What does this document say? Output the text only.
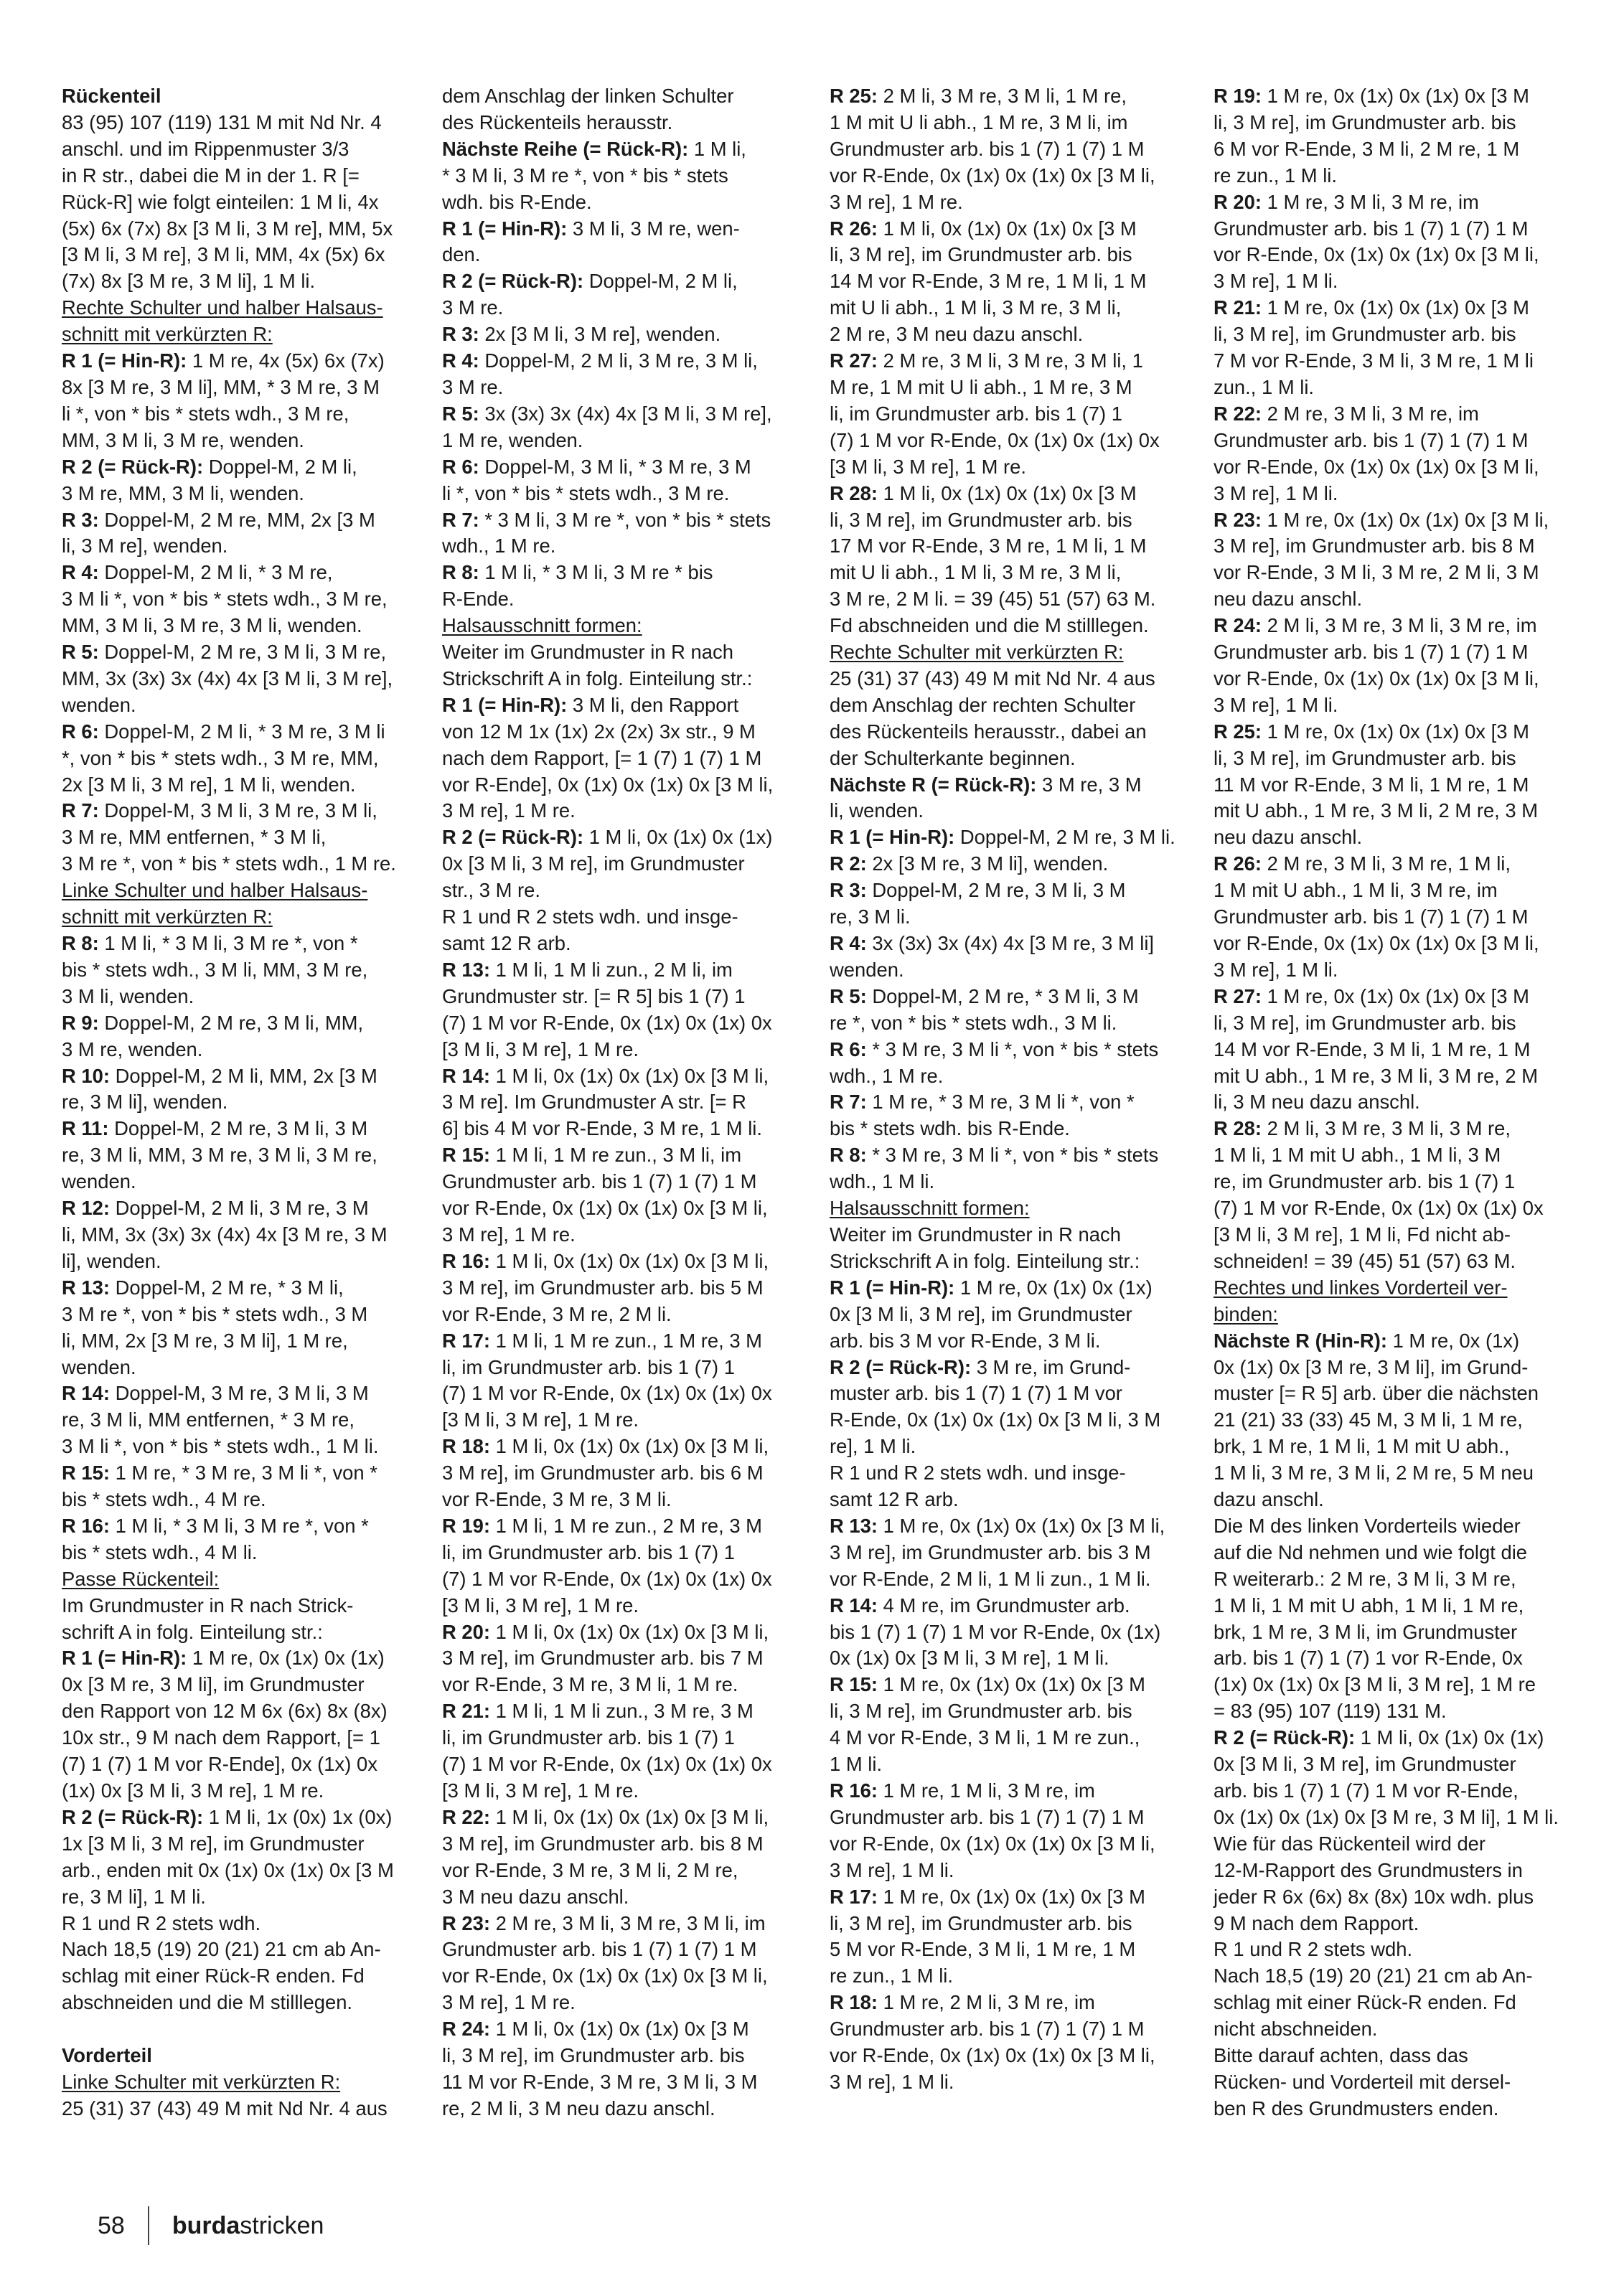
Rückenteil

83 (95) 107 (119) 131 M mit Nd Nr. 4

anschl. und im Rippenmuster 3/3

in R str., dabei die M in der 1. R [=

Rück-R] wie folgt einteilen: 1 M li, 4x

(5x) 6x (7x) 8x [3 M li, 3 M re], MM, 5x

[3 M li, 3 M re], 3 M li, MM, 4x (5x) 6x

(7x) 8x [3 M re, 3 M li], 1 M li.

Rechte Schulter und halber Halsaus-

schnitt mit verkürzten R:

R 1 (= Hin-R): 1 M re, 4x (5x) 6x (7x)

8x [3 M re, 3 M li], MM, * 3 M re, 3 M

li *, von * bis * stets wdh., 3 M re,

MM, 3 M li, 3 M re, wenden.

R 2 (= Rück-R): Doppel-M, 2 M li,

3 M re, MM, 3 M li, wenden.

R 3: Doppel-M, 2 M re, MM, 2x [3 M

li, 3 M re], wenden.

R 4: Doppel-M, 2 M li, * 3 M re,

3 M li *, von * bis * stets wdh., 3 M re,

MM, 3 M li, 3 M re, 3 M li, wenden.

R 5: Doppel-M, 2 M re, 3 M li, 3 M re,

MM, 3x (3x) 3x (4x) 4x [3 M li, 3 M re],

wenden.

R 6: Doppel-M, 2 M li, * 3 M re, 3 M li

*, von * bis * stets wdh., 3 M re, MM,

2x [3 M li, 3 M re], 1 M li, wenden.

R 7: Doppel-M, 3 M li, 3 M re, 3 M li,

3 M re, MM entfernen, * 3 M li,

3 M re *, von * bis * stets wdh., 1 M re.

Linke Schulter und halber Halsaus-

schnitt mit verkürzten R:

R 8: 1 M li, * 3 M li, 3 M re *, von *

bis * stets wdh., 3 M li, MM, 3 M re,

3 M li, wenden.

R 9: Doppel-M, 2 M re, 3 M li, MM,

3 M re, wenden.

R 10: Doppel-M, 2 M li, MM, 2x [3 M

re, 3 M li], wenden.

R 11: Doppel-M, 2 M re, 3 M li, 3 M

re, 3 M li, MM, 3 M re, 3 M li, 3 M re,

wenden.

R 12: Doppel-M, 2 M li, 3 M re, 3 M

li, MM, 3x (3x) 3x (4x) 4x [3 M re, 3 M

li], wenden.

R 13: Doppel-M, 2 M re, * 3 M li,

3 M re *, von * bis * stets wdh., 3 M

li, MM, 2x [3 M re, 3 M li], 1 M re,

wenden.

R 14: Doppel-M, 3 M re, 3 M li, 3 M

re, 3 M li, MM entfernen, * 3 M re,

3 M li *, von * bis * stets wdh., 1 M li.

R 15: 1 M re, * 3 M re, 3 M li *, von *

bis * stets wdh., 4 M re.

R 16: 1 M li, * 3 M li, 3 M re *, von *

bis * stets wdh., 4 M li.

Passe Rückenteil:

Im Grundmuster in R nach Strick-

schrift A in folg. Einteilung str.:

R 1 (= Hin-R): 1 M re, 0x (1x) 0x (1x)

0x [3 M re, 3 M li], im Grundmuster

den Rapport von 12 M 6x (6x) 8x (8x)

10x str., 9 M nach dem Rapport, [= 1

(7) 1 (7) 1 M vor R-Ende], 0x (1x) 0x

(1x) 0x [3 M li, 3 M re], 1 M re.

R 2 (= Rück-R): 1 M li, 1x (0x) 1x (0x)

1x [3 M li, 3 M re], im Grundmuster

arb., enden mit 0x (1x) 0x (1x) 0x [3 M

re, 3 M li], 1 M li.

R 1 und R 2 stets wdh.

Nach 18,5 (19) 20 (21) 21 cm ab An-

schlag mit einer Rück-R enden. Fd

abschneiden und die M stilllegen.

Vorderteil

Linke Schulter mit verkürzten R:

25 (31) 37 (43) 49 M mit Nd Nr. 4 aus

dem Anschlag der linken Schulter

des Rückenteils herausstr.

Nächste Reihe (= Rück-R): 1 M li,

* 3 M li, 3 M re *, von * bis * stets

wdh. bis R-Ende.

R 1 (= Hin-R): 3 M li, 3 M re, wen-

den.

R 2 (= Rück-R): Doppel-M, 2 M li,

3 M re.

R 3: 2x [3 M li, 3 M re], wenden.

R 4: Doppel-M, 2 M li, 3 M re, 3 M li,

3 M re.

R 5: 3x (3x) 3x (4x) 4x [3 M li, 3 M re],

1 M re, wenden.

R 6: Doppel-M, 3 M li, * 3 M re, 3 M

li *, von * bis * stets wdh., 3 M re.

R 7: * 3 M li, 3 M re *, von * bis * stets

wdh., 1 M re.

R 8: 1 M li, * 3 M li, 3 M re * bis

R-Ende.

Halsausschnitt formen:

Weiter im Grundmuster in R nach

Strickschrift A in folg. Einteilung str.:

R 1 (= Hin-R): 3 M li, den Rapport

von 12 M 1x (1x) 2x (2x) 3x str., 9 M

nach dem Rapport, [= 1 (7) 1 (7) 1 M

vor R-Ende], 0x (1x) 0x (1x) 0x [3 M li,

3 M re], 1 M re.

R 2 (= Rück-R): 1 M li, 0x (1x) 0x (1x)

0x [3 M li, 3 M re], im Grundmuster

str., 3 M re.

R 1 und R 2 stets wdh. und insge-

samt 12 R arb.

R 13: 1 M li, 1 M li zun., 2 M li, im

Grundmuster str. [= R 5] bis 1 (7) 1

(7) 1 M vor R-Ende, 0x (1x) 0x (1x) 0x

[3 M li, 3 M re], 1 M re.

R 14: 1 M li, 0x (1x) 0x (1x) 0x [3 M li,

3 M re]. Im Grundmuster A str. [= R

6] bis 4 M vor R-Ende, 3 M re, 1 M li.

R 15: 1 M li, 1 M re zun., 3 M li, im

Grundmuster arb. bis 1 (7) 1 (7) 1 M

vor R-Ende, 0x (1x) 0x (1x) 0x [3 M li,

3 M re], 1 M re.

R 16: 1 M li, 0x (1x) 0x (1x) 0x [3 M li,

3 M re], im Grundmuster arb. bis 5 M

vor R-Ende, 3 M re, 2 M li.

R 17: 1 M li, 1 M re zun., 1 M re, 3 M

li, im Grundmuster arb. bis 1 (7) 1

(7) 1 M vor R-Ende, 0x (1x) 0x (1x) 0x

[3 M li, 3 M re], 1 M re.

R 18: 1 M li, 0x (1x) 0x (1x) 0x [3 M li,

3 M re], im Grundmuster arb. bis 6 M

vor R-Ende, 3 M re, 3 M li.

R 19: 1 M li, 1 M re zun., 2 M re, 3 M

li, im Grundmuster arb. bis 1 (7) 1

(7) 1 M vor R-Ende, 0x (1x) 0x (1x) 0x

[3 M li, 3 M re], 1 M re.

R 20: 1 M li, 0x (1x) 0x (1x) 0x [3 M li,

3 M re], im Grundmuster arb. bis 7 M

vor R-Ende, 3 M re, 3 M li, 1 M re.

R 21: 1 M li, 1 M li zun., 3 M re, 3 M

li, im Grundmuster arb. bis 1 (7) 1

(7) 1 M vor R-Ende, 0x (1x) 0x (1x) 0x

[3 M li, 3 M re], 1 M re.

R 22: 1 M li, 0x (1x) 0x (1x) 0x [3 M li,

3 M re], im Grundmuster arb. bis 8 M

vor R-Ende, 3 M re, 3 M li, 2 M re,

3 M neu dazu anschl.

R 23: 2 M re, 3 M li, 3 M re, 3 M li, im

Grundmuster arb. bis 1 (7) 1 (7) 1 M

vor R-Ende, 0x (1x) 0x (1x) 0x [3 M li,

3 M re], 1 M re.

R 24: 1 M li, 0x (1x) 0x (1x) 0x [3 M

li, 3 M re], im Grundmuster arb. bis

11 M vor R-Ende, 3 M re, 3 M li, 3 M

re, 2 M li, 3 M neu dazu anschl.

R 25: 2 M li, 3 M re, 3 M li, 1 M re,

1 M mit U li abh., 1 M re, 3 M li, im

Grundmuster arb. bis 1 (7) 1 (7) 1 M

vor R-Ende, 0x (1x) 0x (1x) 0x [3 M li,

3 M re], 1 M re.

R 26: 1 M li, 0x (1x) 0x (1x) 0x [3 M

li, 3 M re], im Grundmuster arb. bis

14 M vor R-Ende, 3 M re, 1 M li, 1 M

mit U li abh., 1 M li, 3 M re, 3 M li,

2 M re, 3 M neu dazu anschl.

R 27: 2 M re, 3 M li, 3 M re, 3 M li, 1

M re, 1 M mit U li abh., 1 M re, 3 M

li, im Grundmuster arb. bis 1 (7) 1

(7) 1 M vor R-Ende, 0x (1x) 0x (1x) 0x

[3 M li, 3 M re], 1 M re.

R 28: 1 M li, 0x (1x) 0x (1x) 0x [3 M

li, 3 M re], im Grundmuster arb. bis

17 M vor R-Ende, 3 M re, 1 M li, 1 M

mit U li abh., 1 M li, 3 M re, 3 M li,

3 M re, 2 M li. = 39 (45) 51 (57) 63 M.

Fd abschneiden und die M stilllegen.

Rechte Schulter mit verkürzten R:

25 (31) 37 (43) 49 M mit Nd Nr. 4 aus

dem Anschlag der rechten Schulter

des Rückenteils herausstr., dabei an

der Schulterkante beginnen.

Nächste R (= Rück-R): 3 M re, 3 M

li, wenden.

R 1 (= Hin-R): Doppel-M, 2 M re, 3 M li.

R 2: 2x [3 M re, 3 M li], wenden.

R 3: Doppel-M, 2 M re, 3 M li, 3 M

re, 3 M li.

R 4: 3x (3x) 3x (4x) 4x [3 M re, 3 M li]

wenden.

R 5: Doppel-M, 2 M re, * 3 M li, 3 M

re *, von * bis * stets wdh., 3 M li.

R 6: * 3 M re, 3 M li *, von * bis * stets

wdh., 1 M re.

R 7: 1 M re, * 3 M re, 3 M li *, von *

bis * stets wdh. bis R-Ende.

R 8: * 3 M re, 3 M li *, von * bis * stets

wdh., 1 M li.

Halsausschnitt formen:

Weiter im Grundmuster in R nach

Strickschrift A in folg. Einteilung str.:

R 1 (= Hin-R): 1 M re, 0x (1x) 0x (1x)

0x [3 M li, 3 M re], im Grundmuster

arb. bis 3 M vor R-Ende, 3 M li.

R 2 (= Rück-R): 3 M re, im Grund-

muster arb. bis 1 (7) 1 (7) 1 M vor

R-Ende, 0x (1x) 0x (1x) 0x [3 M li, 3 M

re], 1 M li.

R 1 und R 2 stets wdh. und insge-

samt 12 R arb.

R 13: 1 M re, 0x (1x) 0x (1x) 0x [3 M li,

3 M re], im Grundmuster arb. bis 3 M

vor R-Ende, 2 M li, 1 M li zun., 1 M li.

R 14: 4 M re, im Grundmuster arb.

bis 1 (7) 1 (7) 1 M vor R-Ende, 0x (1x)

0x (1x) 0x [3 M li, 3 M re], 1 M li.

R 15: 1 M re, 0x (1x) 0x (1x) 0x [3 M

li, 3 M re], im Grundmuster arb. bis

4 M vor R-Ende, 3 M li, 1 M re zun.,

1 M li.

R 16: 1 M re, 1 M li, 3 M re, im

Grundmuster arb. bis 1 (7) 1 (7) 1 M

vor R-Ende, 0x (1x) 0x (1x) 0x [3 M li,

3 M re], 1 M li.

R 17: 1 M re, 0x (1x) 0x (1x) 0x [3 M

li, 3 M re], im Grundmuster arb. bis

5 M vor R-Ende, 3 M li, 1 M re, 1 M

re zun., 1 M li.

R 18: 1 M re, 2 M li, 3 M re, im

Grundmuster arb. bis 1 (7) 1 (7) 1 M

vor R-Ende, 0x (1x) 0x (1x) 0x [3 M li,

3 M re], 1 M li.

R 19: 1 M re, 0x (1x) 0x (1x) 0x [3 M

li, 3 M re], im Grundmuster arb. bis

6 M vor R-Ende, 3 M li, 2 M re, 1 M

re zun., 1 M li.

R 20: 1 M re, 3 M li, 3 M re, im

Grundmuster arb. bis 1 (7) 1 (7) 1 M

vor R-Ende, 0x (1x) 0x (1x) 0x [3 M li,

3 M re], 1 M li.

R 21: 1 M re, 0x (1x) 0x (1x) 0x [3 M

li, 3 M re], im Grundmuster arb. bis

7 M vor R-Ende, 3 M li, 3 M re, 1 M li

zun., 1 M li.

R 22: 2 M re, 3 M li, 3 M re, im

Grundmuster arb. bis 1 (7) 1 (7) 1 M

vor R-Ende, 0x (1x) 0x (1x) 0x [3 M li,

3 M re], 1 M li.

R 23: 1 M re, 0x (1x) 0x (1x) 0x [3 M li,

3 M re], im Grundmuster arb. bis 8 M

vor R-Ende, 3 M li, 3 M re, 2 M li, 3 M

neu dazu anschl.

R 24: 2 M li, 3 M re, 3 M li, 3 M re, im

Grundmuster arb. bis 1 (7) 1 (7) 1 M

vor R-Ende, 0x (1x) 0x (1x) 0x [3 M li,

3 M re], 1 M li.

R 25: 1 M re, 0x (1x) 0x (1x) 0x [3 M

li, 3 M re], im Grundmuster arb. bis

11 M vor R-Ende, 3 M li, 1 M re, 1 M

mit U abh., 1 M re, 3 M li, 2 M re, 3 M

neu dazu anschl.

R 26: 2 M re, 3 M li, 3 M re, 1 M li,

1 M mit U abh., 1 M li, 3 M re, im

Grundmuster arb. bis 1 (7) 1 (7) 1 M

vor R-Ende, 0x (1x) 0x (1x) 0x [3 M li,

3 M re], 1 M li.

R 27: 1 M re, 0x (1x) 0x (1x) 0x [3 M

li, 3 M re], im Grundmuster arb. bis

14 M vor R-Ende, 3 M li, 1 M re, 1 M

mit U abh., 1 M re, 3 M li, 3 M re, 2 M

li, 3 M neu dazu anschl.

R 28: 2 M li, 3 M re, 3 M li, 3 M re,

1 M li, 1 M mit U abh., 1 M li, 3 M

re, im Grundmuster arb. bis 1 (7) 1

(7) 1 M vor R-Ende, 0x (1x) 0x (1x) 0x

[3 M li, 3 M re], 1 M li, Fd nicht ab-

schneiden! = 39 (45) 51 (57) 63 M.

Rechtes und linkes Vorderteil ver-

binden:

Nächste R (Hin-R): 1 M re, 0x (1x)

0x (1x) 0x [3 M re, 3 M li], im Grund-

muster [= R 5] arb. über die nächsten

21 (21) 33 (33) 45 M, 3 M li, 1 M re,

brk, 1 M re, 1 M li, 1 M mit U abh.,

1 M li, 3 M re, 3 M li, 2 M re, 5 M neu

dazu anschl.

Die M des linken Vorderteils wieder

auf die Nd nehmen und wie folgt die

R weiterarb.: 2 M re, 3 M li, 3 M re,

1 M li, 1 M mit U abh, 1 M li, 1 M re,

brk, 1 M re, 3 M li, im Grundmuster

arb. bis 1 (7) 1 (7) 1 vor R-Ende, 0x

(1x) 0x (1x) 0x [3 M li, 3 M re], 1 M re

= 83 (95) 107 (119) 131 M.

R 2 (= Rück-R): 1 M li, 0x (1x) 0x (1x)

0x [3 M li, 3 M re], im Grundmuster

arb. bis 1 (7) 1 (7) 1 M vor R-Ende,

0x (1x) 0x (1x) 0x [3 M re, 3 M li], 1 M li.

Wie für das Rückenteil wird der

12-M-Rapport des Grundmusters in

jeder R 6x (6x) 8x (8x) 10x wdh. plus

9 M nach dem Rapport.

R 1 und R 2 stets wdh.

Nach 18,5 (19) 20 (21) 21 cm ab An-

schlag mit einer Rück-R enden. Fd

nicht abschneiden.

Bitte darauf achten, dass das

Rücken- und Vorderteil mit dersel-

ben R des Grundmusters enden.

58 burdastricken
